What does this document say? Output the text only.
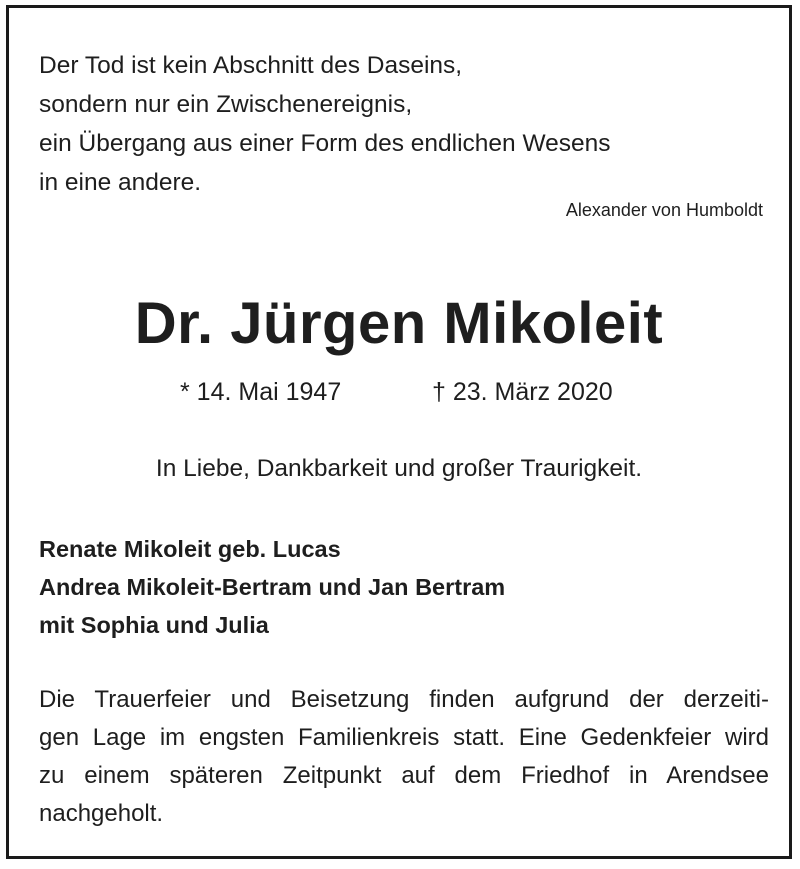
Der Tod ist kein Abschnitt des Daseins,
sondern nur ein Zwischenereignis,
ein Übergang aus einer Form des endlichen Wesens
in eine andere.
Alexander von Humboldt
Dr. Jürgen Mikoleit
* 14. Mai 1947	† 23. März 2020
In Liebe, Dankbarkeit und großer Traurigkeit.
Renate Mikoleit geb. Lucas
Andrea Mikoleit-Bertram und Jan Bertram
mit Sophia und Julia
Die Trauerfeier und Beisetzung finden aufgrund der derzeiti-
gen Lage im engsten Familienkreis statt. Eine Gedenkfeier wird
zu einem späteren Zeitpunkt auf dem Friedhof in Arendsee
nachgeholt.
